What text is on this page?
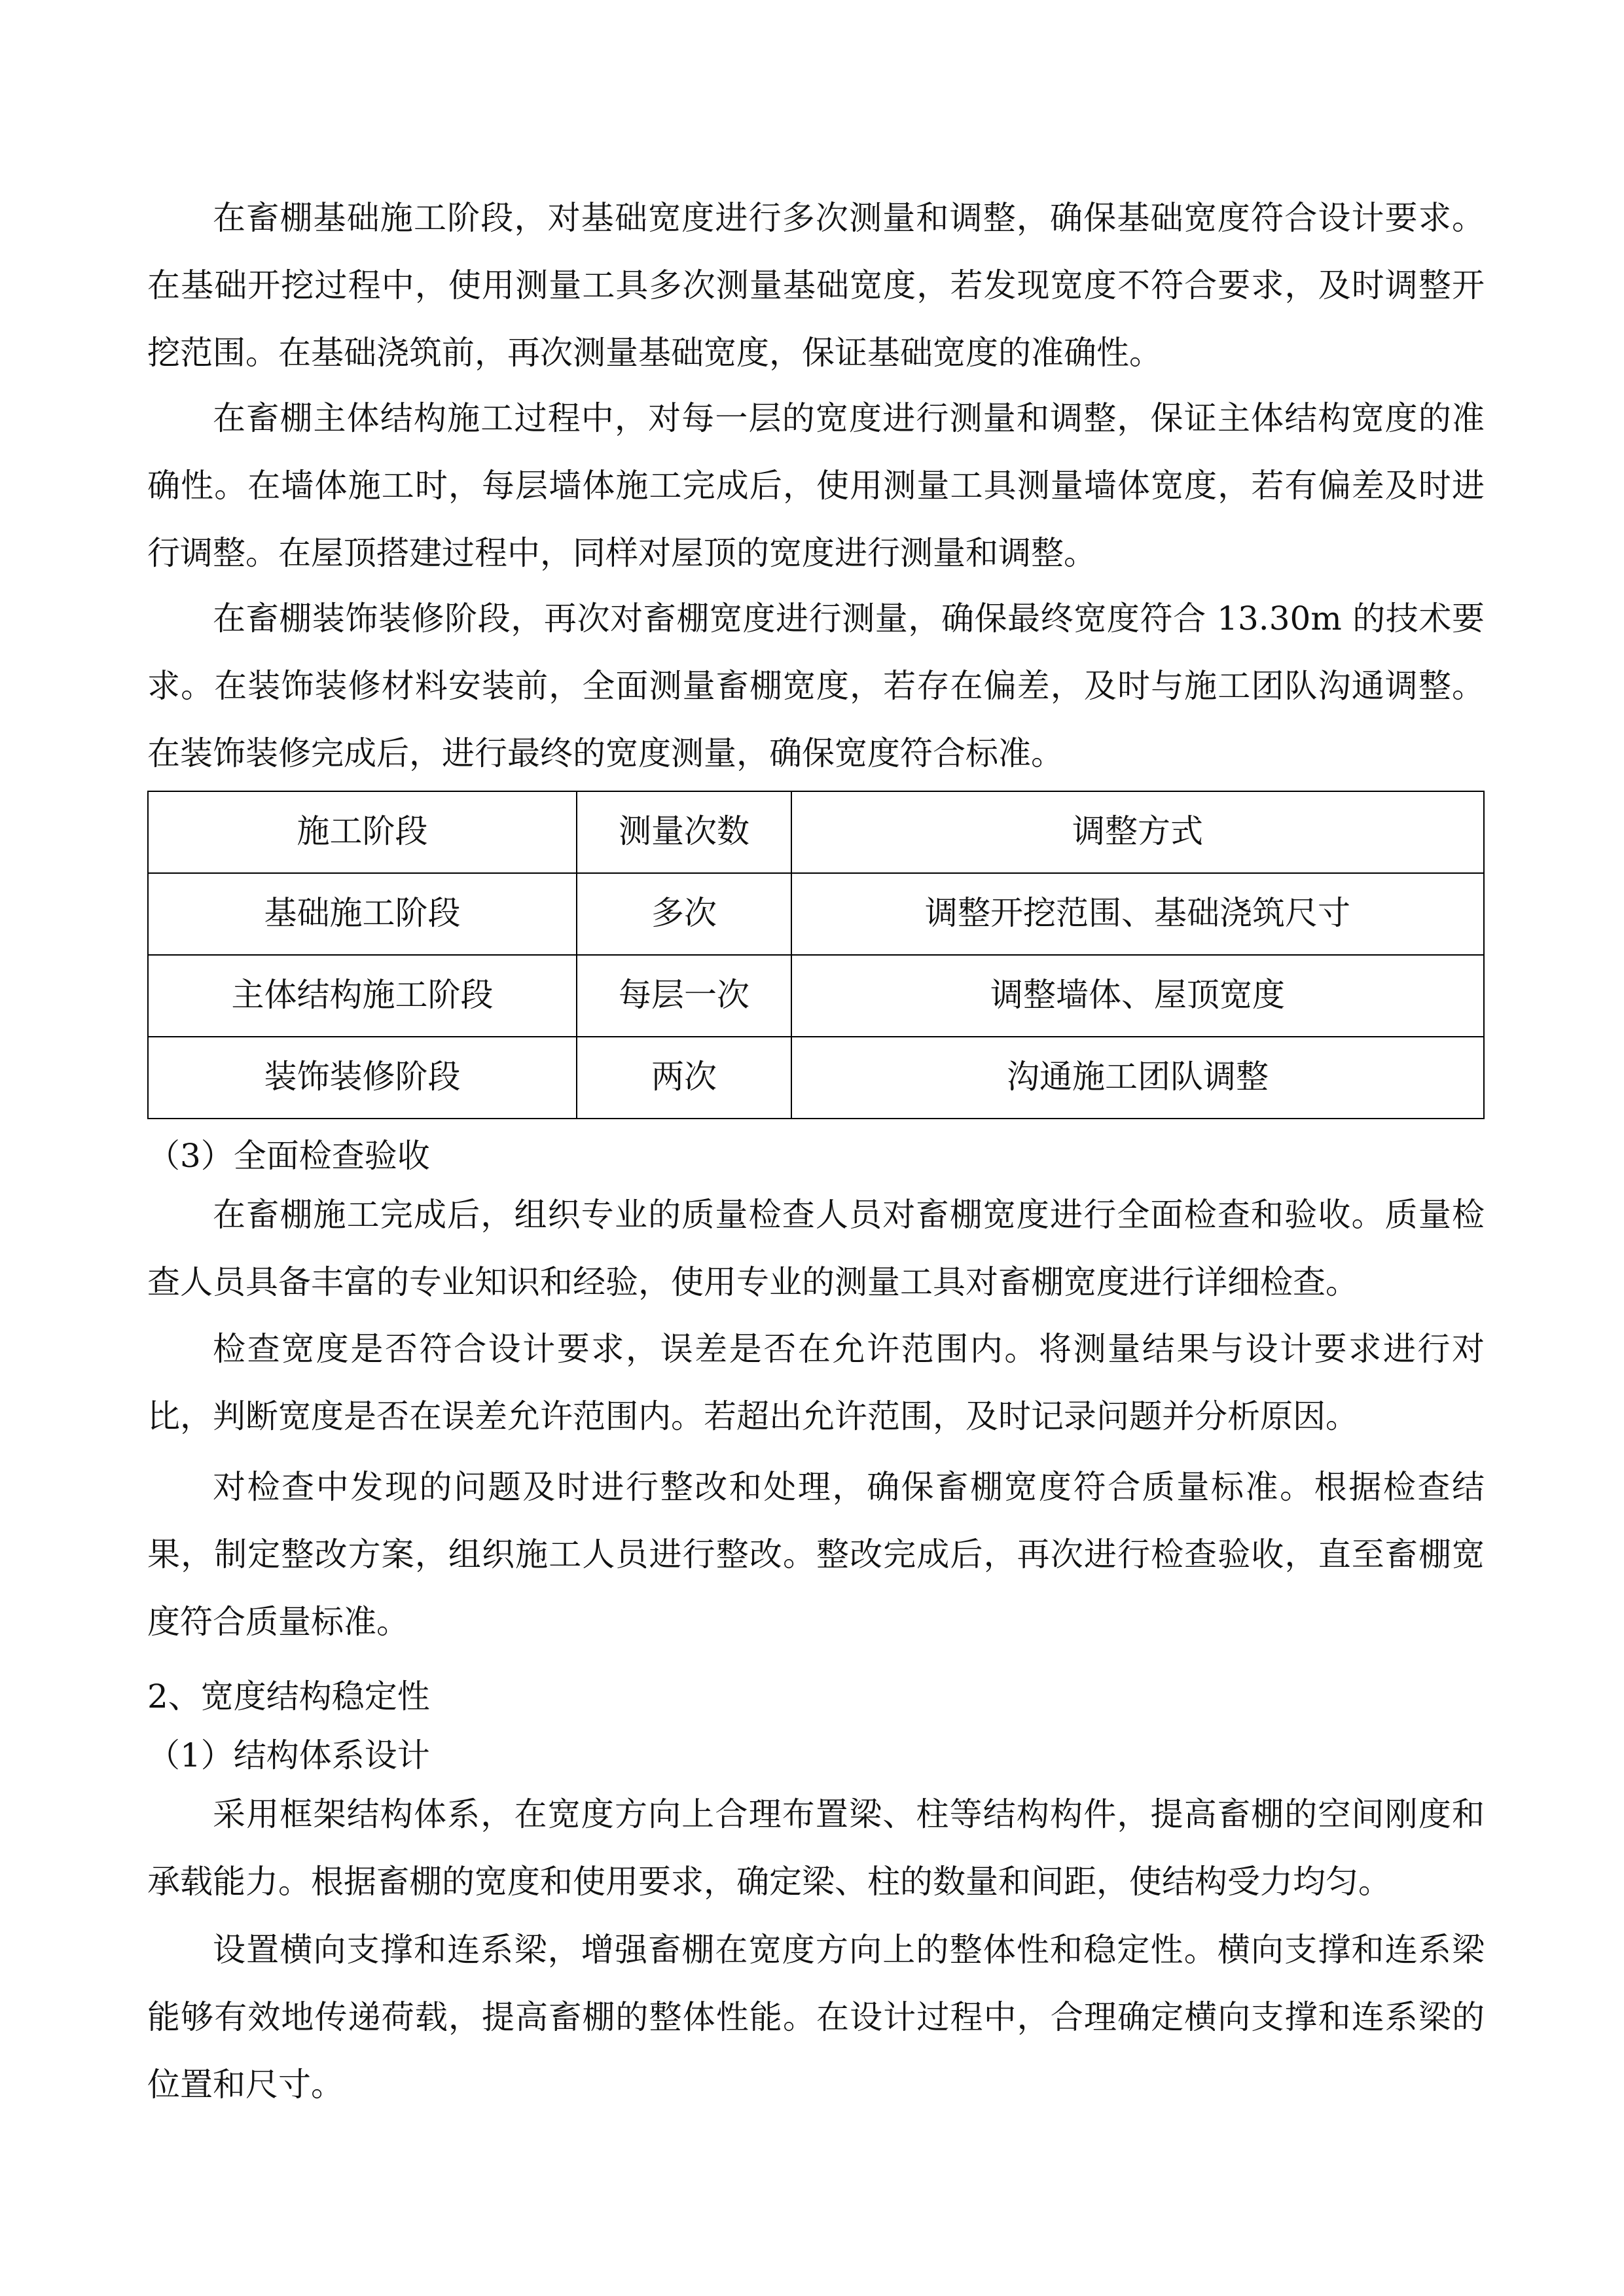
在畜棚基础施工阶段，对基础宽度进行多次测量和调整，确保基础宽度符合设计要求。在基础开挖过程中，使用测量工具多次测量基础宽度，若发现宽度不符合要求，及时调整开挖范围。在基础浇筑前，再次测量基础宽度，保证基础宽度的准确性。

在畜棚主体结构施工过程中，对每一层的宽度进行测量和调整，保证主体结构宽度的准确性。在墙体施工时，每层墙体施工完成后，使用测量工具测量墙体宽度，若有偏差及时进行调整。在屋顶搭建过程中，同样对屋顶的宽度进行测量和调整。

在畜棚装饰装修阶段，再次对畜棚宽度进行测量，确保最终宽度符合 13.30m 的技术要求。在装饰装修材料安装前，全面测量畜棚宽度，若存在偏差，及时与施工团队沟通调整。在装饰装修完成后，进行最终的宽度测量，确保宽度符合标准。

施工阶段	测量次数	调整方式
基础施工阶段	多次	调整开挖范围、基础浇筑尺寸
主体结构施工阶段	每层一次	调整墙体、屋顶宽度
装饰装修阶段	两次	沟通施工团队调整

（3）全面检查验收

在畜棚施工完成后，组织专业的质量检查人员对畜棚宽度进行全面检查和验收。质量检查人员具备丰富的专业知识和经验，使用专业的测量工具对畜棚宽度进行详细检查。

检查宽度是否符合设计要求，误差是否在允许范围内。将测量结果与设计要求进行对比，判断宽度是否在误差允许范围内。若超出允许范围，及时记录问题并分析原因。

对检查中发现的问题及时进行整改和处理，确保畜棚宽度符合质量标准。根据检查结果，制定整改方案，组织施工人员进行整改。整改完成后，再次进行检查验收，直至畜棚宽度符合质量标准。

2、宽度结构稳定性

（1）结构体系设计

采用框架结构体系，在宽度方向上合理布置梁、柱等结构构件，提高畜棚的空间刚度和承载能力。根据畜棚的宽度和使用要求，确定梁、柱的数量和间距，使结构受力均匀。

设置横向支撑和连系梁，增强畜棚在宽度方向上的整体性和稳定性。横向支撑和连系梁能够有效地传递荷载，提高畜棚的整体性能。在设计过程中，合理确定横向支撑和连系梁的位置和尺寸。
